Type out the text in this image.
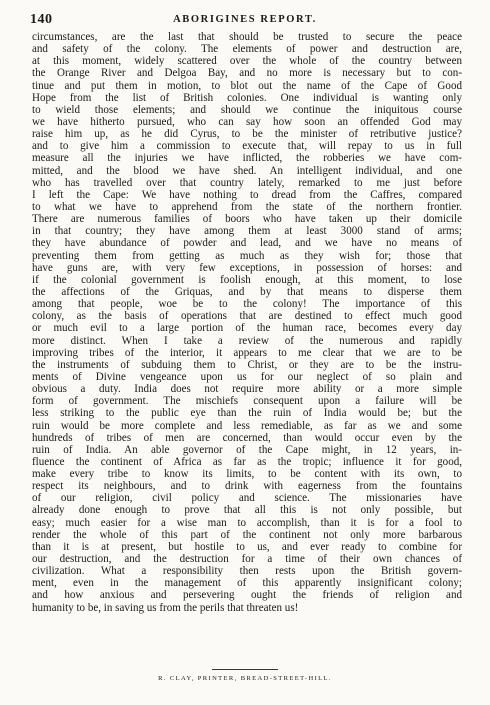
140	ABORIGINES REPORT.
circumstances, are the last that should be trusted to secure the peace
and safety of the colony. The elements of power and destruction are,
at this moment, widely scattered over the whole of the country between
the Orange River and Delgoa Bay, and no more is necessary but to con-
tinue and put them in motion, to blot out the name of the Cape of Good
Hope from the list of British colonies. One individual is wanting only
to wield those elements; and should we continue the iniquitous course
we have hitherto pursued, who can say how soon an offended God may
raise him up, as he did Cyrus, to be the minister of retributive justice?
and to give him a commission to execute that, will repay to us in full
measure all the injuries we have inflicted, the robberies we have com-
mitted, and the blood we have shed. An intelligent individual, and one
who has travelled over that country lately, remarked to me just before
I left the Cape: We have nothing to dread from the Caffres, compared
to what we have to apprehend from the state of the northern frontier.
There are numerous families of boors who have taken up their domicile
in that country; they have among them at least 3000 stand of arms;
they have abundance of powder and lead, and we have no means of
preventing them from getting as much as they wish for; those that
have guns are, with very few exceptions, in possession of horses: and
if the colonial government is foolish enough, at this moment, to lose
the affections of the Griquas, and by that means to disperse them
among that people, woe be to the colony! The importance of this
colony, as the basis of operations that are destined to effect much good
or much evil to a large portion of the human race, becomes every day
more distinct. When I take a review of the numerous and rapidly
improving tribes of the interior, it appears to me clear that we are to be
the instruments of subduing them to Christ, or they are to be the instru-
ments of Divine vengeance upon us for our neglect of so plain and
obvious a duty. India does not require more ability or a more simple
form of government. The mischiefs consequent upon a failure will be
less striking to the public eye than the ruin of India would be; but the
ruin would be more complete and less remediable, as far as we and some
hundreds of tribes of men are concerned, than would occur even by the
ruin of India. An able governor of the Cape might, in 12 years, in-
fluence the continent of Africa as far as the tropic; influence it for good,
make every tribe to know its limits, to be content with its own, to
respect its neighbours, and to drink with eagerness from the fountains
of our religion, civil policy and science. The missionaries have
already done enough to prove that all this is not only possible, but
easy; much easier for a wise man to accomplish, than it is for a fool to
render the whole of this part of the continent not only more barbarous
than it is at present, but hostile to us, and ever ready to combine for
our destruction, and the destruction for a time of their own chances of
civilization. What a responsibility then rests upon the British govern-
ment, even in the management of this apparently insignificant colony;
and how anxious and persevering ought the friends of religion and
humanity to be, in saving us from the perils that threaten us!
R. CLAY, PRINTER, BREAD-STREET-HILL.
